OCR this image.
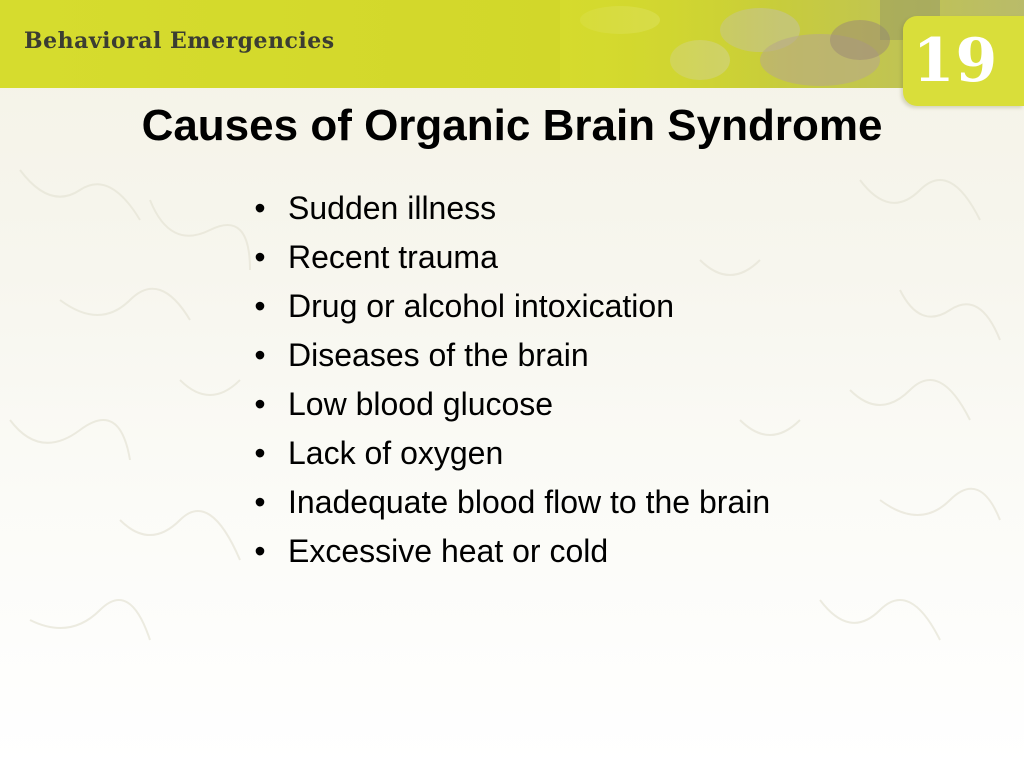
Behavioral Emergencies	19
Causes of Organic Brain Syndrome
• Sudden illness
• Recent trauma
• Drug or alcohol intoxication
• Diseases of the brain
• Low blood glucose
• Lack of oxygen
• Inadequate blood flow to the brain
• Excessive heat or cold
